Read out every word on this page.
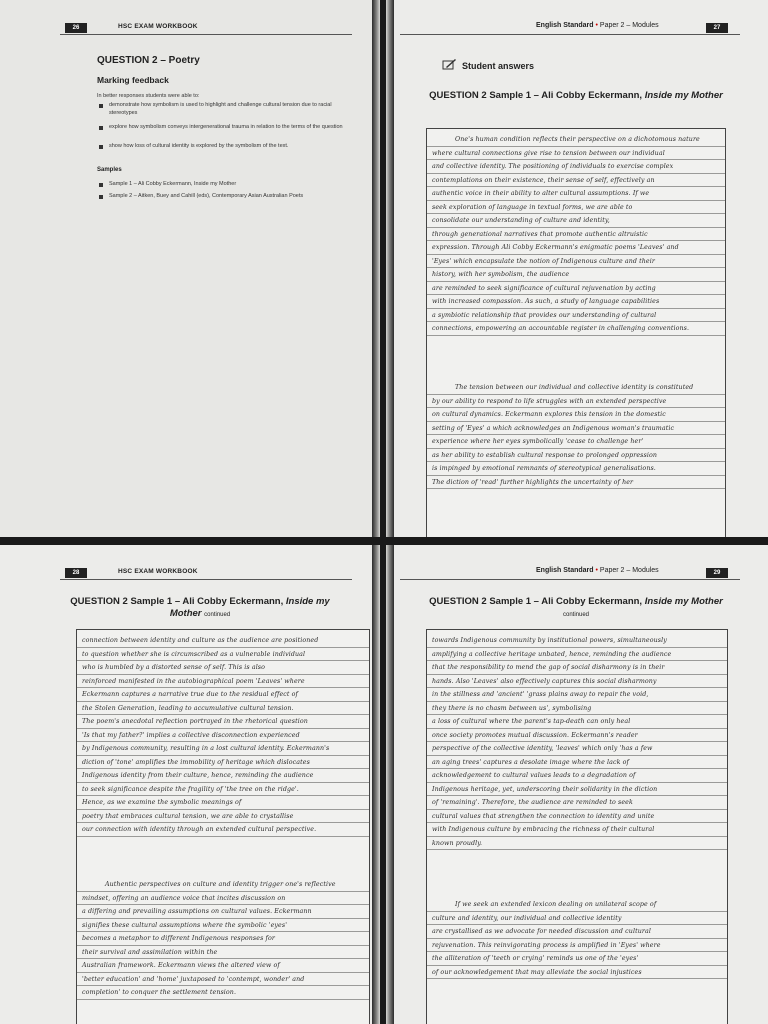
26	HSC EXAM WORKBOOK
QUESTION 2 – Poetry
Marking feedback
In better responses students were able to:
demonstrate how symbolism is used to highlight and challenge cultural tension due to racial stereotypes
explore how symbolism conveys intergenerational trauma in relation to the terms of the question
show how loss of cultural identity is explored by the symbolism of the text.
Samples
Sample 1 – Ali Cobby Eckermann, Inside my Mother
Sample 2 – Aitken, Buey and Cahill (eds), Contemporary Asian Australian Poets
English Standard • Paper 2 – Modules	27
Student answers
QUESTION 2 Sample 1 – Ali Cobby Eckermann, Inside my Mother
One's human condition reflects their perspective on a dichotomous nature
where cultural connections give rise to tension between our individual
and collective identity. The positioning of individuals to exercise complex
contemplations on their existence, their sense of self, effectively an
authentic voice in their ability to alter cultural assumptions. If we
seek exploration of language in textual forms, we are able to
consolidate our understanding of culture and identity,
through generational narratives that promote authentic altruistic
expression. Through Ali Cobby Eckermann's enigmatic poems 'Leaves' and
'Eyes' which encapsulate the notion of Indigenous culture and their
history, with her symbolism, the audience
are reminded to seek significance of cultural rejuvenation by acting
with increased compassion. As such, a study of language capabilities
a symbiotic relationship that provides our understanding of cultural
connections, empowering an accountable register in challenging conventions.
The tension between our individual and collective identity is constituted
by our ability to respond to life struggles with an extended perspective
on cultural dynamics. Eckermann explores this tension in the domestic
setting of 'Eyes' a which acknowledges an Indigenous woman's traumatic
experience where her eyes symbolically 'cease to challenge her'
as her ability to establish cultural response to prolonged oppression
is impinged by emotional remnants of stereotypical generalisations.
The diction of 'read' further highlights the uncertainty of her
28	HSC EXAM WORKBOOK
QUESTION 2 Sample 1 – Ali Cobby Eckermann, Inside my Mother continued
connection between identity and culture as the audience are positioned
to question whether she is circumscribed as a vulnerable individual
who is humbled by a distorted sense of self. This is also
reinforced manifested in the autobiographical poem 'Leaves' where
Eckermann captures a narrative true due to the residual effect of
the Stolen Generation, leading to accumulative cultural tension.
The poem's anecdotal reflection portrayed in the rhetorical question
'Is that my father?' implies a collective disconnection experienced
by Indigenous community, resulting in a lost cultural identity. Eckermann's
diction of 'tone' amplifies the immobility of heritage which dislocates
Indigenous identity from their culture, hence, reminding the audience
to seek significance despite the fragility of 'the tree on the ridge'.
Hence, as we examine the symbolic meanings of
poetry that embraces cultural tension, we are able to crystallise
our connection with identity through an extended cultural perspective.
Authentic perspectives on culture and identity trigger one's reflective
mindset, offering an audience voice that incites discussion on
a differing and prevailing assumptions on cultural values. Eckermann
signifies these cultural assumptions where the symbolic 'eyes'
becomes a metaphor to different Indigenous responses for
their survival and assimilation within the
Australian framework. Eckermann views the altered view of
'better education' and 'home' juxtaposed to 'contempt, wonder' and
completion' to conquer the settlement tension.
English Standard • Paper 2 – Modules	29
QUESTION 2 Sample 1 – Ali Cobby Eckermann, Inside my Mother continued
towards Indigenous community by institutional powers, simultaneously
amplifying a collective heritage unbated, hence, reminding the audience
that the responsibility to mend the gap of social disharmony is in their
hands. Also 'Leaves' also effectively captures this social disharmony
in the stillness and 'ancient' 'grass plains away to repair the void,
they there is no chasm between us', symbolising
a loss of cultural where the parent's tap-death can only heal
once society promotes mutual discussion. Eckermann's reader
perspective of the collective identity, 'leaves' which only 'has a few
an aging trees' captures a desolate image where the lack of
acknowledgement to cultural values leads to a degradation of
Indigenous heritage, yet, underscoring their solidarity in the diction
of 'remaining'. Therefore, the audience are reminded to seek
cultural values that strengthen the connection to identity and unite
with Indigenous culture by embracing the richness of their cultural
known proudly.
If we seek an extended lexicon dealing on unilateral scope of
culture and identity, our individual and collective identity
are crystallised as we advocate for needed discussion and cultural
rejuvenation. This reinvigorating process is amplified in 'Eyes' where
the alliteration of 'teeth or crying' reminds us one of the 'eyes'
of our acknowledgement that may alleviate the social injustices
